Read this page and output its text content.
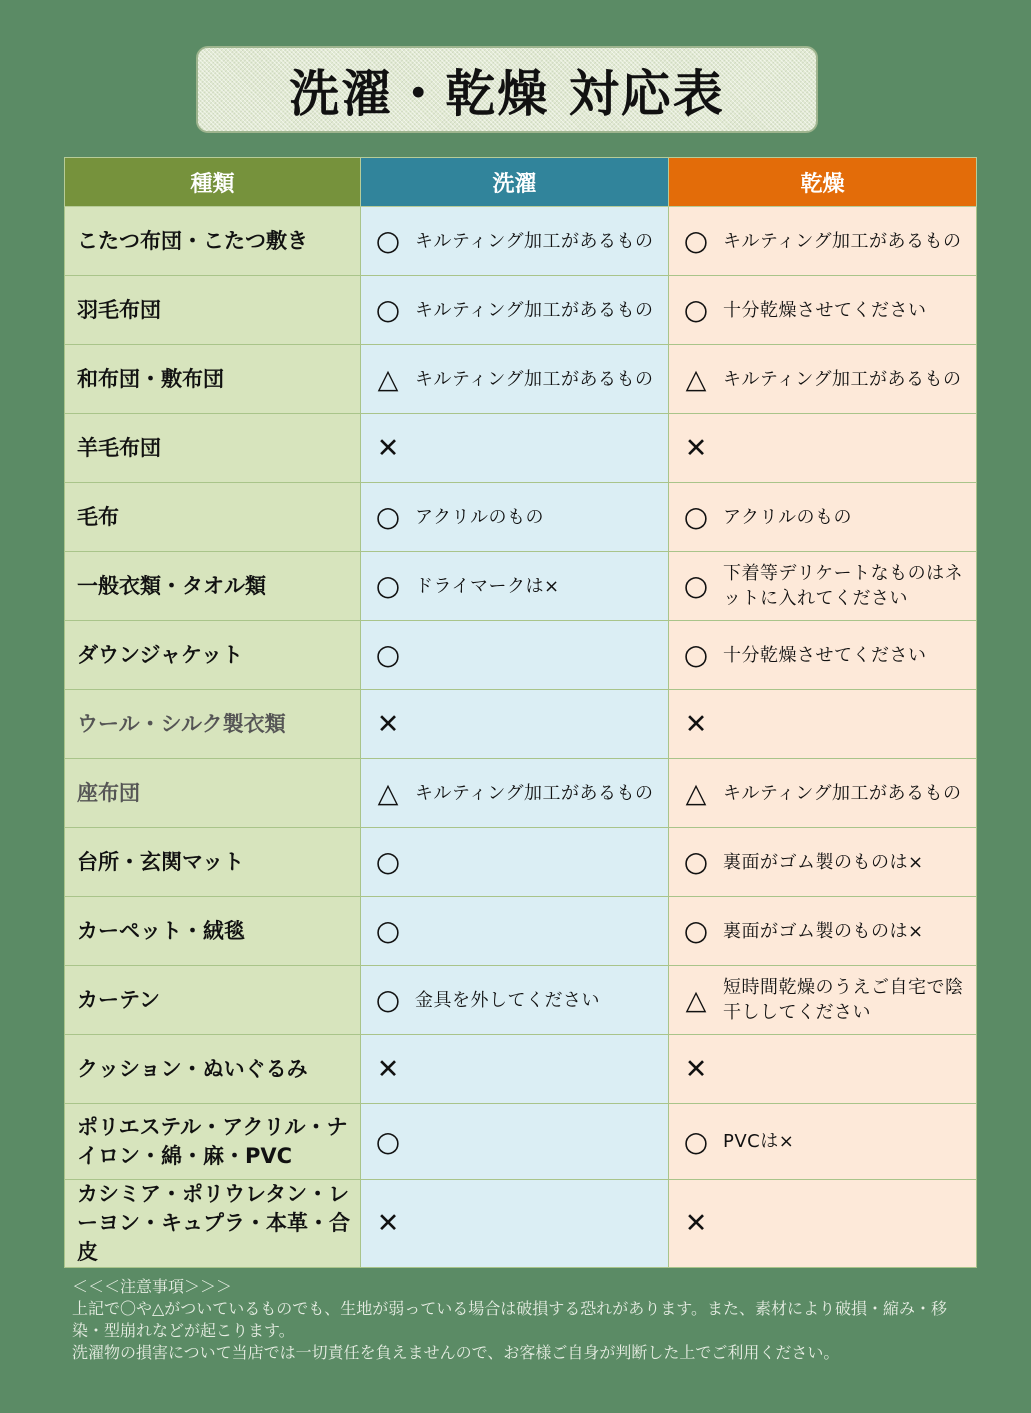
洗濯・乾燥 対応表
種類	洗濯	乾燥
こたつ布団・こたつ敷き	○ キルティング加工があるもの	○ キルティング加工があるもの

羽毛布団	○ キルティング加工があるもの	○ 十分乾燥させてください

和布団・敷布団	△ キルティング加工があるもの	△ キルティング加工があるもの

羊毛布団	✕	✕

毛布	○ アクリルのもの	○ アクリルのもの

一般衣類・タオル類	○ ドライマークは×	○ 下着等デリケートなものはネットに入れてください

ダウンジャケット	○	○ 十分乾燥させてください

ウール・シルク製衣類	✕	✕

座布団	△ キルティング加工があるもの	△ キルティング加工があるもの

台所・玄関マット	○	○ 裏面がゴム製のものは×

カーペット・絨毯	○	○ 裏面がゴム製のものは×

カーテン	○ 金具を外してください	△ 短時間乾燥のうえご自宅で陰干ししてください

クッション・ぬいぐるみ	✕	✕

ポリエステル・アクリル・ナイロン・綿・麻・PVC	○	○ PVCは×

カシミア・ポリウレタン・レーヨン・キュプラ・本革・合皮	✕	✕
＜＜＜注意事項＞＞＞
上記で〇や△がついているものでも、生地が弱っている場合は破損する恐れがあります。また、素材により破損・縮み・移染・型崩れなどが起こります。
洗濯物の損害について当店では一切責任を負えませんので、お客様ご自身が判断した上でご利用ください。
